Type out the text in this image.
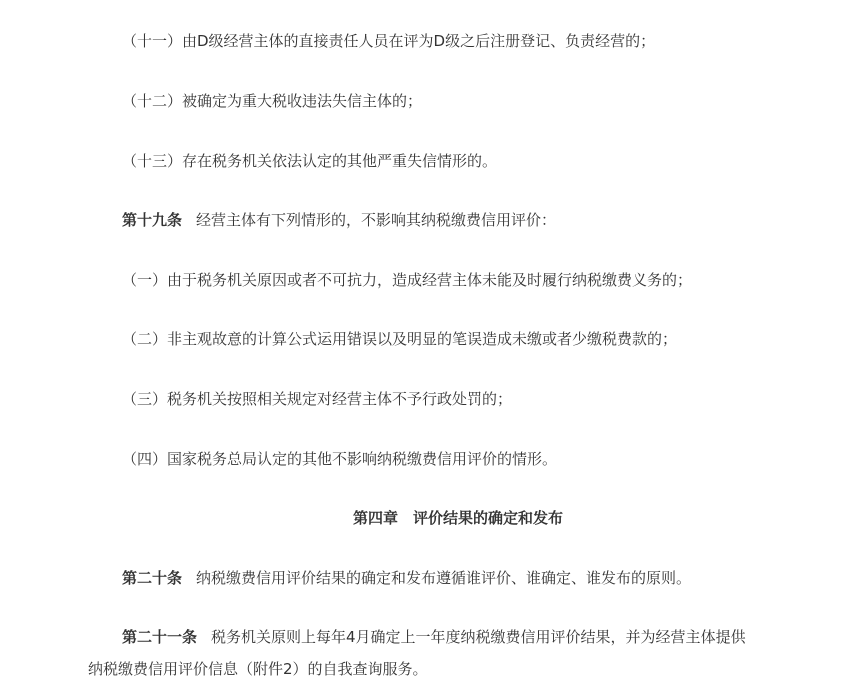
（十一）由D级经营主体的直接责任人员在评为D级之后注册登记、负责经营的；
（十二）被确定为重大税收违法失信主体的；
（十三）存在税务机关依法认定的其他严重失信情形的。
第十九条 经营主体有下列情形的，不影响其纳税缴费信用评价：
（一）由于税务机关原因或者不可抗力，造成经营主体未能及时履行纳税缴费义务的；
（二）非主观故意的计算公式运用错误以及明显的笔误造成未缴或者少缴税费款的；
（三）税务机关按照相关规定对经营主体不予行政处罚的；
（四）国家税务总局认定的其他不影响纳税缴费信用评价的情形。
第四章　评价结果的确定和发布
第二十条 纳税缴费信用评价结果的确定和发布遵循谁评价、谁确定、谁发布的原则。
第二十一条 税务机关原则上每年4月确定上一年度纳税缴费信用评价结果，并为经营主体提供
纳税缴费信用评价信息（附件2）的自我查询服务。
